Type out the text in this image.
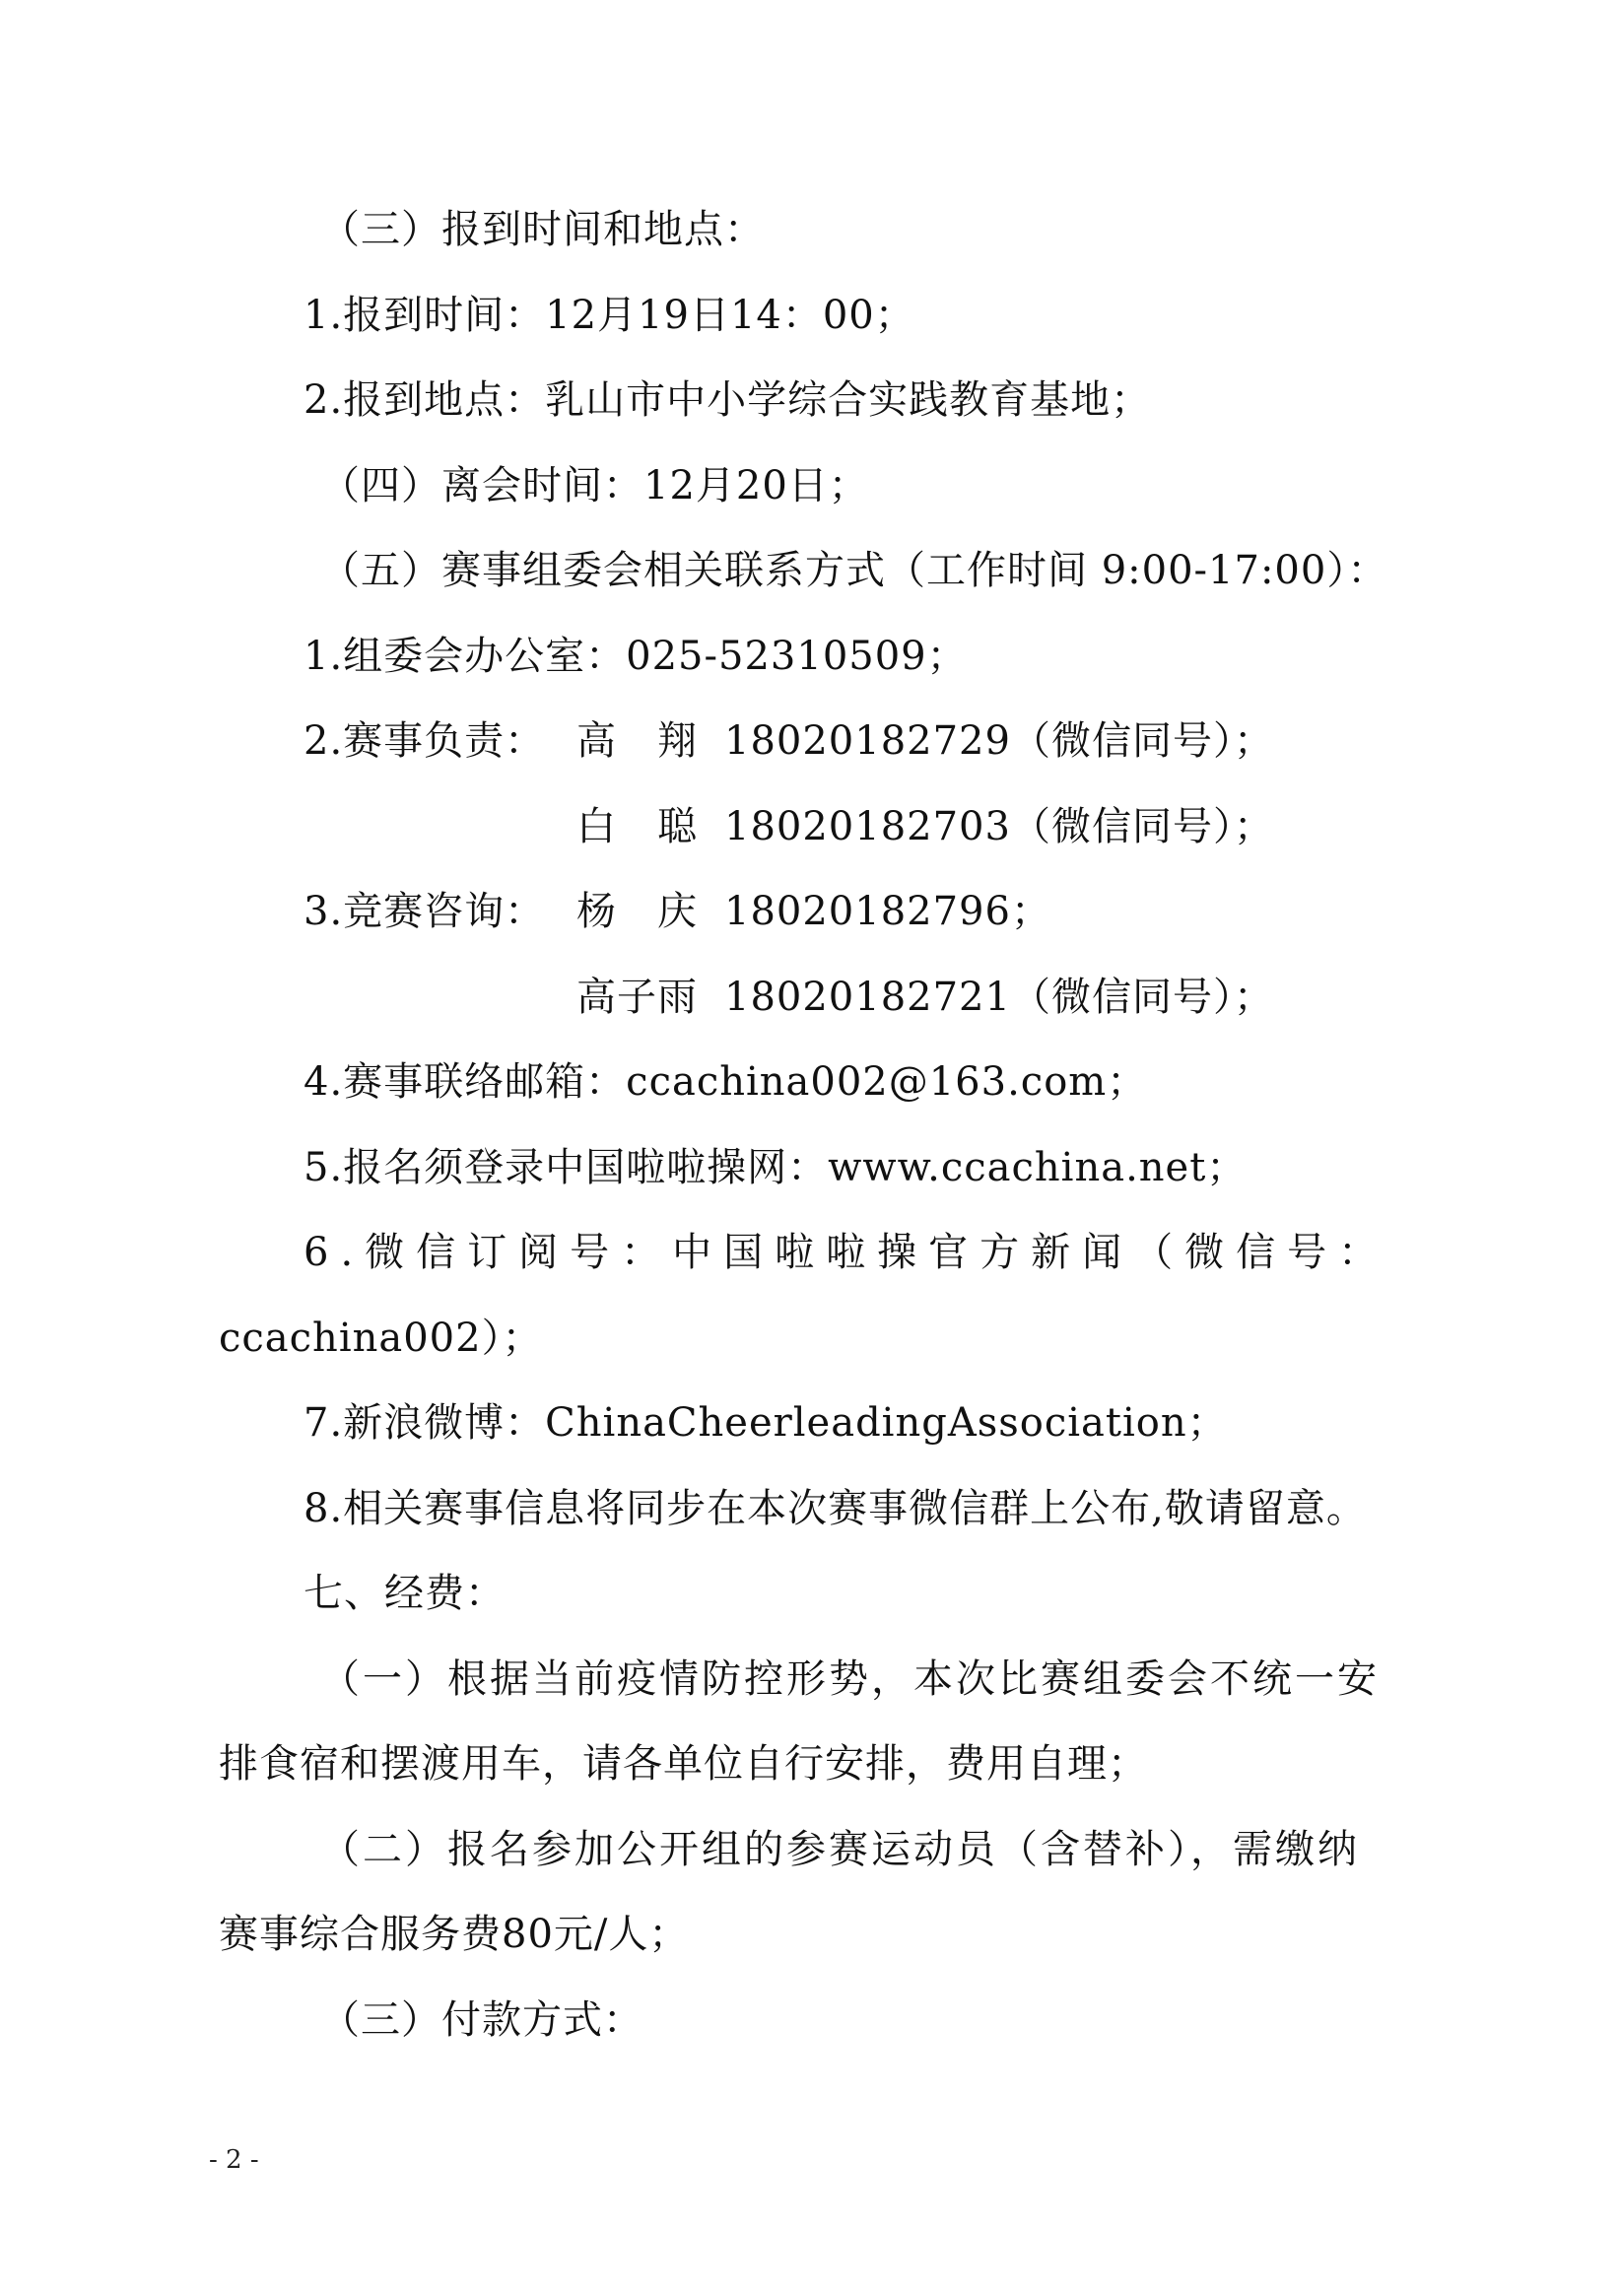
（三）报到时间和地点：
1.报到时间：12月19日14：00；
2.报到地点：乳山市中小学综合实践教育基地；
（四）离会时间：12月20日；
（五）赛事组委会相关联系方式（工作时间 9:00-17:00）：
1.组委会办公室：025-52310509；
2.赛事负责： 高　翔 18020182729（微信同号）；
白　聪 18020182703（微信同号）；
3.竞赛咨询： 杨　庆 18020182796；
高子雨 18020182721（微信同号）；
4.赛事联络邮箱：ccachina002@163.com；
5.报名须登录中国啦啦操网：www.ccachina.net；
6.微信订阅号：中国啦啦操官方新闻（微信号：
ccachina002）；
7.新浪微博：ChinaCheerleadingAssociation；
8.相关赛事信息将同步在本次赛事微信群上公布,敬请留意。
七、经费：
（一）根据当前疫情防控形势，本次比赛组委会不统一安
排食宿和摆渡用车，请各单位自行安排，费用自理；
（二）报名参加公开组的参赛运动员（含替补），需缴纳
赛事综合服务费80元/人；
（三）付款方式：
- 2 -
